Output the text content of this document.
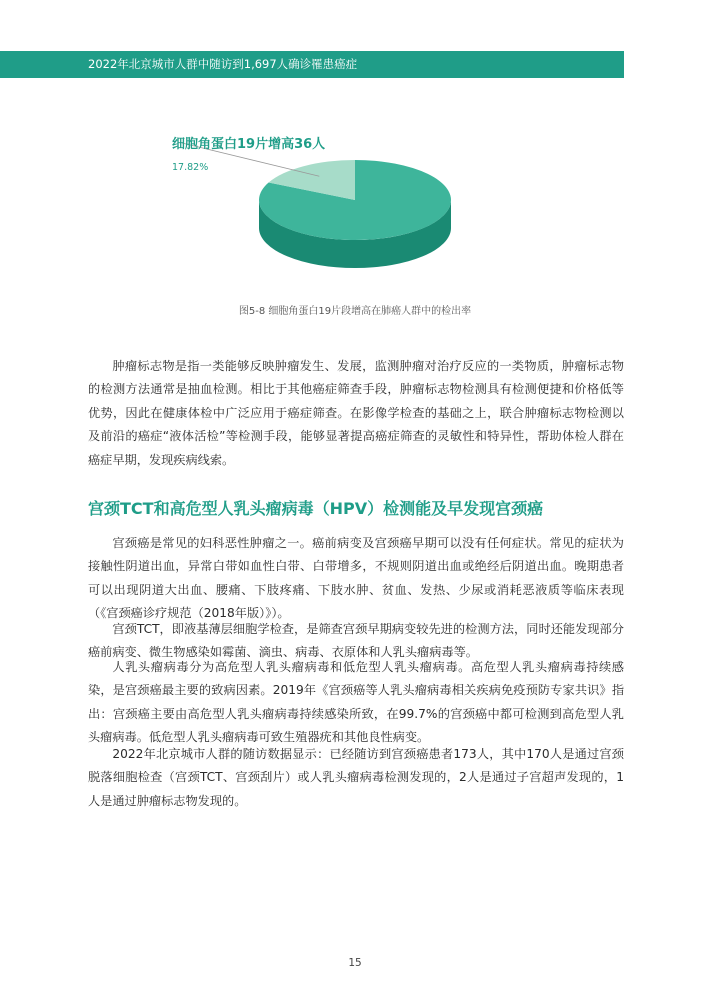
2022年北京城市人群中随访到1,697人确诊罹患癌症
细胞角蛋白19片增高36人
17.82%
图5-8 细胞角蛋白19片段增高在肺癌人群中的检出率

肿瘤标志物是指一类能够反映肿瘤发生、发展，监测肿瘤对治疗反应的一类物质，肿瘤标志物的检测方法通常是抽血检测。相比于其他癌症筛查手段，肿瘤标志物检测具有检测便捷和价格低等优势，因此在健康体检中广泛应用于癌症筛查。在影像学检查的基础之上，联合肿瘤标志物检测以及前沿的癌症“液体活检”等检测手段，能够显著提高癌症筛查的灵敏性和特异性，帮助体检人群在癌症早期，发现疾病线索。

宫颈TCT和高危型人乳头瘤病毒（HPV）检测能及早发现宫颈癌

宫颈癌是常见的妇科恶性肿瘤之一。癌前病变及宫颈癌早期可以没有任何症状。常见的症状为接触性阴道出血，异常白带如血性白带、白带增多，不规则阴道出血或绝经后阴道出血。晚期患者可以出现阴道大出血、腰痛、下肢疼痛、下肢水肿、贫血、发热、少尿或消耗恶液质等临床表现（《宫颈癌诊疗规范（2018年版）》）。

宫颈TCT，即液基薄层细胞学检查，是筛查宫颈早期病变较先进的检测方法，同时还能发现部分癌前病变、微生物感染如霉菌、滴虫、病毒、衣原体和人乳头瘤病毒等。

人乳头瘤病毒分为高危型人乳头瘤病毒和低危型人乳头瘤病毒。高危型人乳头瘤病毒持续感染，是宫颈癌最主要的致病因素。2019年《宫颈癌等人乳头瘤病毒相关疾病免疫预防专家共识》指出：宫颈癌主要由高危型人乳头瘤病毒持续感染所致，在99.7%的宫颈癌中都可检测到高危型人乳头瘤病毒。低危型人乳头瘤病毒可致生殖器疣和其他良性病变。

2022年北京城市人群的随访数据显示：已经随访到宫颈癌患者173人，其中170人是通过宫颈脱落细胞检查（宫颈TCT、宫颈刮片）或人乳头瘤病毒检测发现的，2人是通过子宫超声发现的，1人是通过肿瘤标志物发现的。

15
